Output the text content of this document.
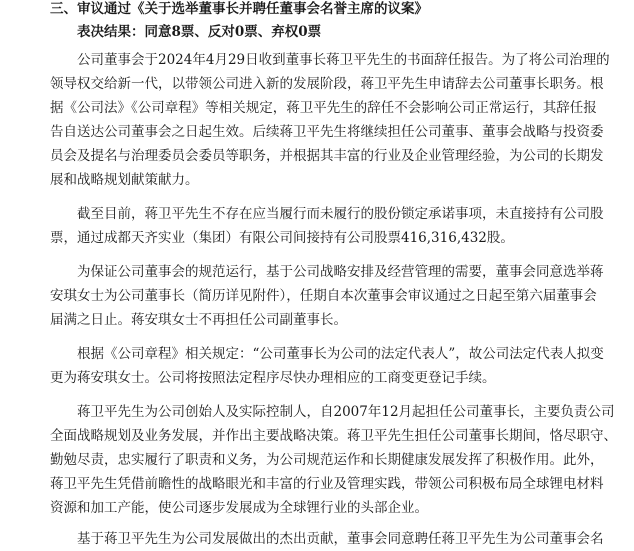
三、审议通过《关于选举董事长并聘任董事会名誉主席的议案》
表决结果：同意8票、反对0票、弃权0票
公司董事会于2024年4月29日收到董事长蒋卫平先生的书面辞任报告。为了将公司治理的
领导权交给新一代，以带领公司进入新的发展阶段，蒋卫平先生申请辞去公司董事长职务。根
据《公司法》《公司章程》等相关规定，蒋卫平先生的辞任不会影响公司正常运行，其辞任报
告自送达公司董事会之日起生效。后续蒋卫平先生将继续担任公司董事、董事会战略与投资委
员会及提名与治理委员会委员等职务，并根据其丰富的行业及企业管理经验，为公司的长期发
展和战略规划献策献力。
截至目前，蒋卫平先生不存在应当履行而未履行的股份锁定承诺事项，未直接持有公司股
票，通过成都天齐实业（集团）有限公司间接持有公司股票416,316,432股。
为保证公司董事会的规范运行，基于公司战略安排及经营管理的需要，董事会同意选举蒋
安琪女士为公司董事长（简历详见附件），任期自本次董事会审议通过之日起至第六届董事会
届满之日止。蒋安琪女士不再担任公司副董事长。
根据《公司章程》相关规定：“公司董事长为公司的法定代表人”，故公司法定代表人拟变
更为蒋安琪女士。公司将按照法定程序尽快办理相应的工商变更登记手续。
蒋卫平先生为公司创始人及实际控制人，自2007年12月起担任公司董事长，主要负责公司
全面战略规划及业务发展，并作出主要战略决策。蒋卫平先生担任公司董事长期间，恪尽职守、
勤勉尽责，忠实履行了职责和义务，为公司规范运作和长期健康发展发挥了积极作用。此外，
蒋卫平先生凭借前瞻性的战略眼光和丰富的行业及管理实践，带领公司积极布局全球锂电材料
资源和加工产能，使公司逐步发展成为全球锂行业的头部企业。
基于蒋卫平先生为公司发展做出的杰出贡献，董事会同意聘任蒋卫平先生为公司董事会名
